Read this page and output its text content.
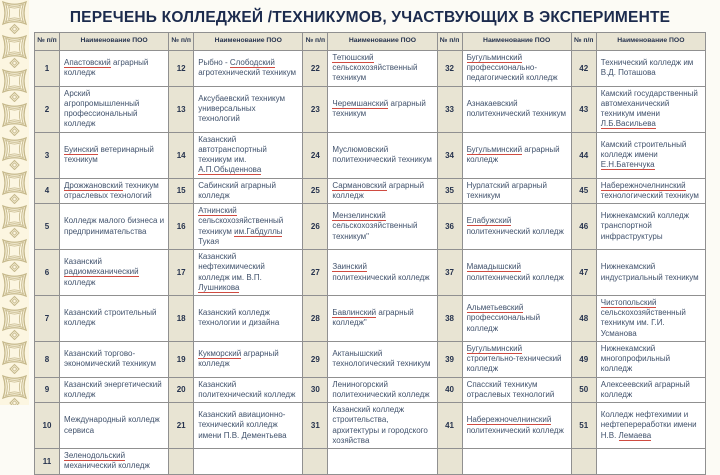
ПЕРЕЧЕНЬ КОЛЛЕДЖЕЙ /ТЕХНИКУМОВ, УЧАСТВУЮЩИХ В ЭКСПЕРИМЕНТЕ
№ п/п	Наименование ПОО	№ п/п	Наименование ПОО	№ п/п	Наименование ПОО	№ п/п	Наименование ПОО	№ п/п	Наименование ПОО
1	Апастовский аграрный колледж	12	Рыбно - Слободский агротехнический техникум	22	Тетюшский сельскохозяйственный техникум	32	Бугульминский профессионально-педагогический колледж	42	Технический колледж им В.Д. Поташова
2	Арский агропромышленный профессиональный колледж	13	Аксубаевский техникум универсальных технологий	23	Черемшанский аграрный техникум	33	Азнакаевский политехнический техникум	43	Камский государственный автомеханический техникум имени Л.Б.Васильева
3	Буинский ветеринарный техникум	14	Казанский автотранспортный техникум им. А.П.Обыденнова	24	Муслюмовский политехнический техникум	34	Бугульминский аграрный колледж	44	Камский строительный колледж имени Е.Н.Батенчука
4	Дрожжановский техникум отраслевых технологий	15	Сабинский аграрный колледж	25	Сармановский аграрный колледж	35	Нурлатский аграрный техникум	45	Набережночелнинский технологический техникум
5	Колледж малого бизнеса и предпринимательства	16	Атнинский сельскохозяйственный техникум им.Габдуллы Тукая	26	Мензелинский сельскохозяйственный техникум"	36	Елабужский политехнический колледж	46	Нижнекамский колледж транспортной инфраструктуры
6	Казанский радиомеханический колледж	17	Казанский нефтехимический колледж им. В.П. Лушникова	27	Заинский политехнический колледж	37	Мамадышский политехнический колледж	47	Нижнекамский индустриальный техникум
7	Казанский строительный колледж	18	Казанский колледж технологии и дизайна	28	Бавлинский аграрный колледж"	38	Альметьевский профессиональный колледж	48	Чистопольский сельскохозяйственный техникум им. Г.И. Усманова
8	Казанский торгово-экономический техникум	19	Кукморский аграрный колледж	29	Актанышский технологический техникум	39	Бугульминский строительно-технический колледж	49	Нижнекамский многопрофильный колледж
9	Казанский энергетический колледж	20	Казанский политехнический колледж	30	Лениногорский политехнический колледж	40	Спасский техникум отраслевых технологий	50	Алексеевский аграрный колледж
10	Международный колледж сервиса	21	Казанский авиационно-технический колледж имени П.В. Дементьева	31	Казанский колледж строительства, архитектуры и городского хозяйства	41	Набережночелнинский политехнический колледж	51	Колледж нефтехимии и нефтепереработки имени Н.В. Лемаева
11	Зеленодольский механический колледж								
